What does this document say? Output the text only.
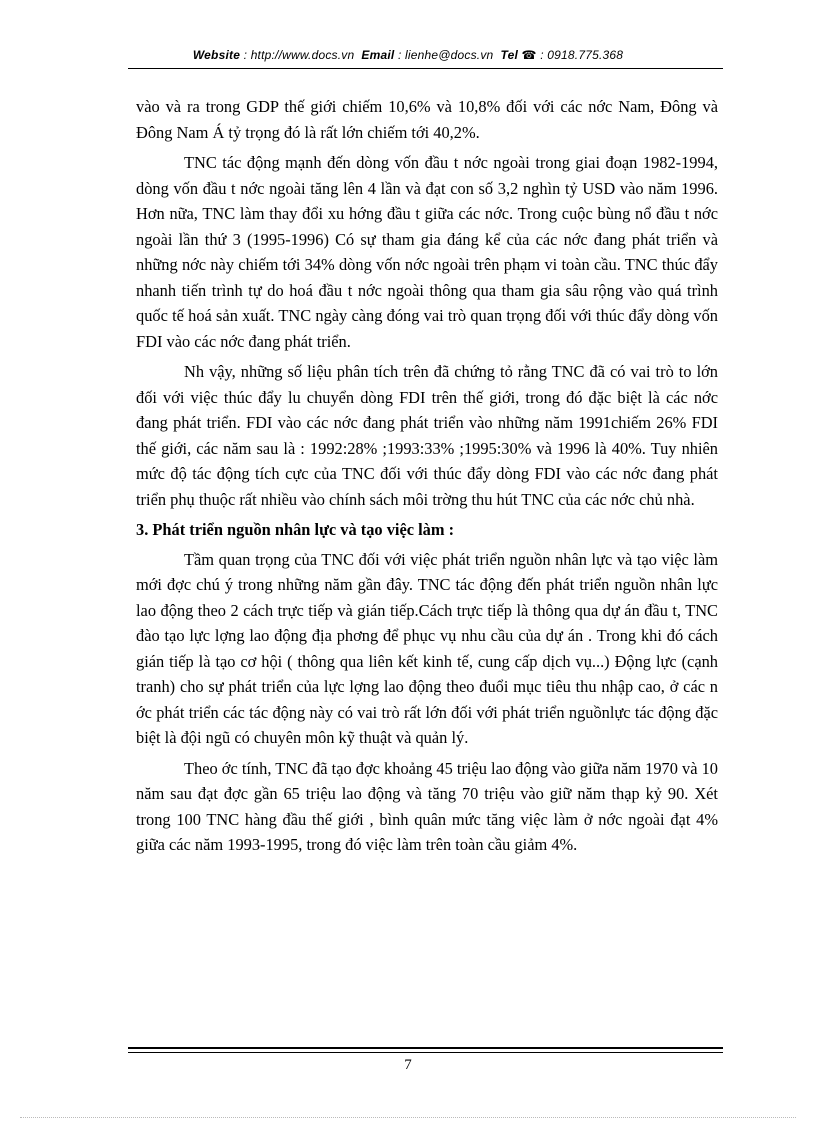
Website : http://www.docs.vn Email : lienhe@docs.vn Tel ☎ : 0918.775.368

vào và ra trong GDP thế giới chiếm 10,6% và 10,8% đối với các nớc Nam, Đông và Đông Nam Á tỷ trọng đó là rất lớn chiếm tới 40,2%.

TNC tác động mạnh đến dòng vốn đầu t nớc ngoài trong giai đoạn 1982-1994, dòng vốn đầu t nớc ngoài tăng lên 4 lần và đạt con số 3,2 nghìn tỷ USD vào năm 1996. Hơn nữa, TNC làm thay đổi xu hớng đầu t giữa các nớc. Trong cuộc bùng nổ đầu t nớc ngoài lần thứ 3 (1995-1996) Có sự tham gia đáng kể của các nớc đang phát triển và những nớc này chiếm tới 34% dòng vốn nớc ngoài trên phạm vi toàn cầu. TNC thúc đẩy nhanh tiến trình tự do hoá đầu t nớc ngoài thông qua tham gia sâu rộng vào quá trình quốc tế hoá sản xuất. TNC ngày càng đóng vai trò quan trọng đối với thúc đẩy dòng vốn FDI vào các nớc đang phát triển.

Nh vậy, những số liệu phân tích trên đã chứng tỏ rằng TNC đã có vai trò to lớn đối với việc thúc đẩy lu chuyển dòng FDI trên thế giới, trong đó đặc biệt là các nớc đang phát triển. FDI vào các nớc đang phát triển vào những năm 1991chiếm 26% FDI thế giới, các năm sau là : 1992:28% ;1993:33% ;1995:30% và 1996 là 40%. Tuy nhiên mức độ tác động tích cực của TNC đối với thúc đẩy dòng FDI vào các nớc đang phát triển phụ thuộc rất nhiều vào chính sách môi trờng thu hút TNC của các nớc chủ nhà.

3. Phát triển nguồn nhân lực và tạo việc làm :

Tầm quan trọng của TNC đối với việc phát triển nguồn nhân lực và tạo việc làm mới đợc chú ý trong những năm gần đây. TNC tác động đến phát triển nguồn nhân lực lao động theo 2 cách trực tiếp và gián tiếp.Cách trực tiếp là thông qua dự án đầu t, TNC đào tạo lực lợng lao động địa phơng để phục vụ nhu cầu của dự án . Trong khi đó cách gián tiếp là tạo cơ hội ( thông qua liên kết kinh tế, cung cấp dịch vụ...) Động lực (cạnh tranh) cho sự phát triển của lực lợng lao động theo đuổi mục tiêu thu nhập cao, ở các n ớc phát triển các tác động này có vai trò rất lớn đối với phát triển nguồnlực tác động đặc biệt là đội ngũ có chuyên môn kỹ thuật và quản lý.

Theo ớc tính, TNC đã tạo đợc khoảng 45 triệu lao động vào giữa năm 1970 và 10 năm sau đạt đợc gần 65 triệu lao động và tăng 70 triệu vào giữ năm thạp kỷ 90. Xét trong 100 TNC hàng đầu thế giới , bình quân mức tăng việc làm ở nớc ngoài đạt 4% giữa các năm 1993-1995, trong đó việc làm trên toàn cầu giảm 4%.

7
